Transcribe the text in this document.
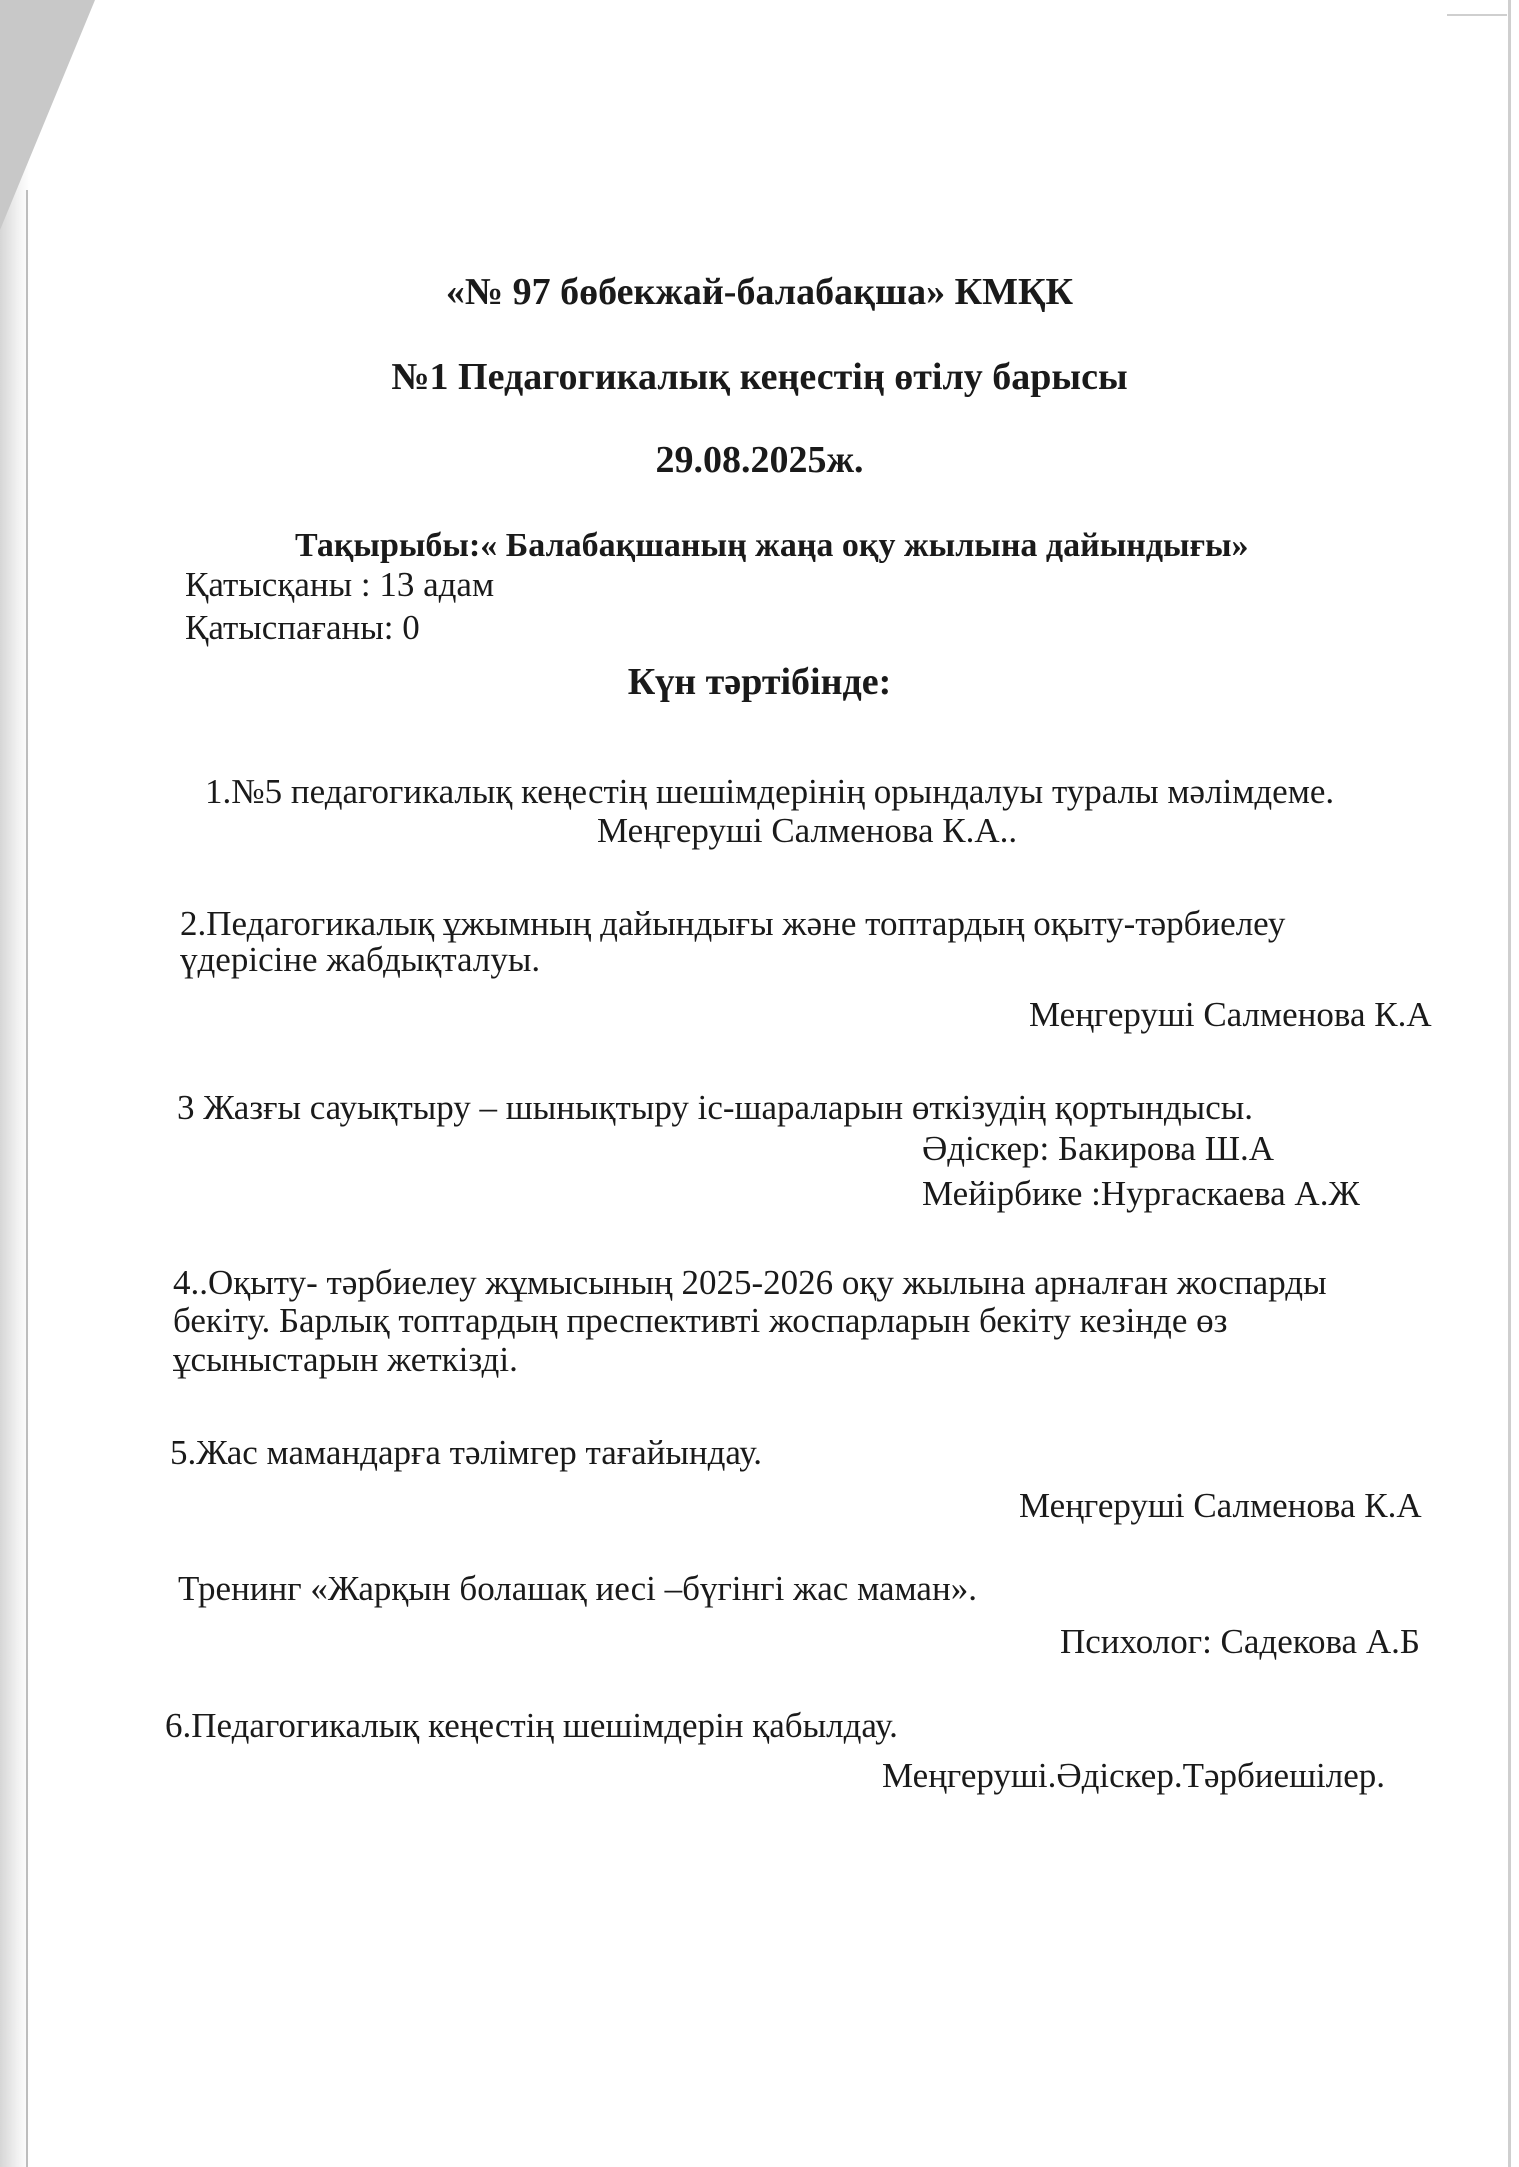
«№ 97 бөбекжай-балабақша» КМҚК
№1 Педагогикалық кеңестің өтілу барысы
29.08.2025ж.
Тақырыбы:« Балабақшаның жаңа оқу жылына дайындығы»
Қатысқаны : 13 адам
Қатыспағаны: 0
Күн тәртібінде:
1.№5 педагогикалық кеңестің шешімдерінің орындалуы туралы мәлімдеме.
Меңгеруші Салменова К.А..
2.Педагогикалық ұжымның дайындығы және топтардың оқыту-тәрбиелеу
үдерісіне жабдықталуы.
Меңгеруші Салменова К.А
3 Жазғы сауықтыру – шынықтыру іс-шараларын өткізудің қортындысы.
Әдіскер: Бакирова Ш.А
Мейірбике :Нургаскаева А.Ж
4..Оқыту- тәрбиелеу жұмысының 2025-2026 оқу жылына арналған жоспарды
бекіту. Барлық топтардың преспективті жоспарларын бекіту кезінде өз
ұсыныстарын жеткізді.
5.Жас мамандарға тәлімгер тағайындау.
Меңгеруші Салменова К.А
Тренинг «Жарқын болашақ иесі –бүгінгі жас маман».
Психолог: Садекова А.Б
6.Педагогикалық кеңестің шешімдерін қабылдау.
Меңгеруші.Әдіскер.Тәрбиешілер.
